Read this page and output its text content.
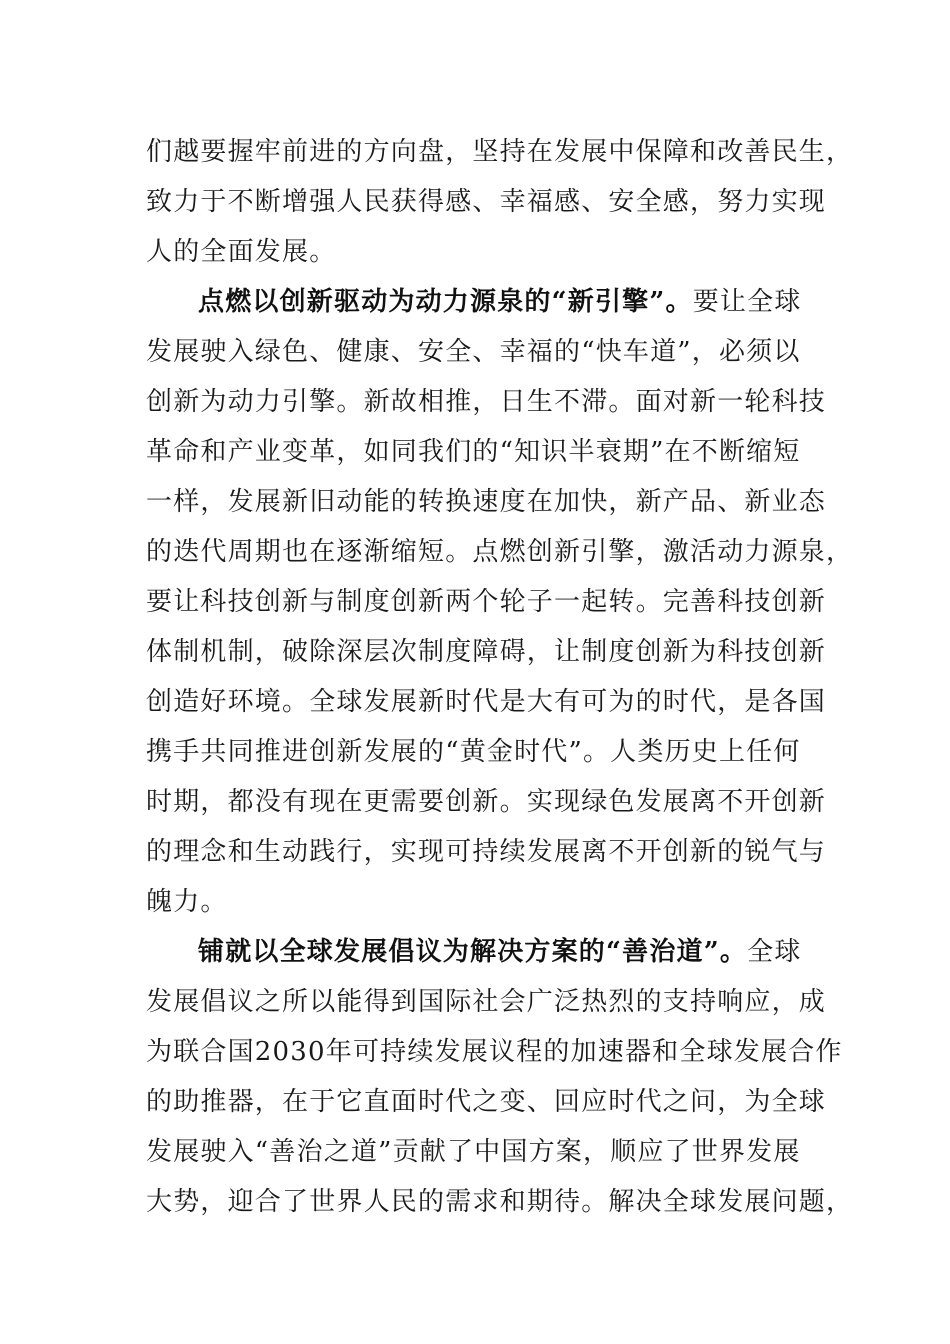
们越要握牢前进的方向盘，坚持在发展中保障和改善民生，
致力于不断增强人民获得感、幸福感、安全感，努力实现
人的全面发展。
点燃以创新驱动为动力源泉的“新引擎”。要让全球
发展驶入绿色、健康、安全、幸福的“快车道”，必须以
创新为动力引擎。新故相推，日生不滞。面对新一轮科技
革命和产业变革，如同我们的“知识半衰期”在不断缩短
一样，发展新旧动能的转换速度在加快，新产品、新业态
的迭代周期也在逐渐缩短。点燃创新引擎，激活动力源泉，
要让科技创新与制度创新两个轮子一起转。完善科技创新
体制机制，破除深层次制度障碍，让制度创新为科技创新
创造好环境。全球发展新时代是大有可为的时代，是各国
携手共同推进创新发展的“黄金时代”。人类历史上任何
时期，都没有现在更需要创新。实现绿色发展离不开创新
的理念和生动践行，实现可持续发展离不开创新的锐气与
魄力。
铺就以全球发展倡议为解决方案的“善治道”。全球
发展倡议之所以能得到国际社会广泛热烈的支持响应，成
为联合国2030年可持续发展议程的加速器和全球发展合作
的助推器，在于它直面时代之变、回应时代之问，为全球
发展驶入“善治之道”贡献了中国方案，顺应了世界发展
大势，迎合了世界人民的需求和期待。解决全球发展问题，
